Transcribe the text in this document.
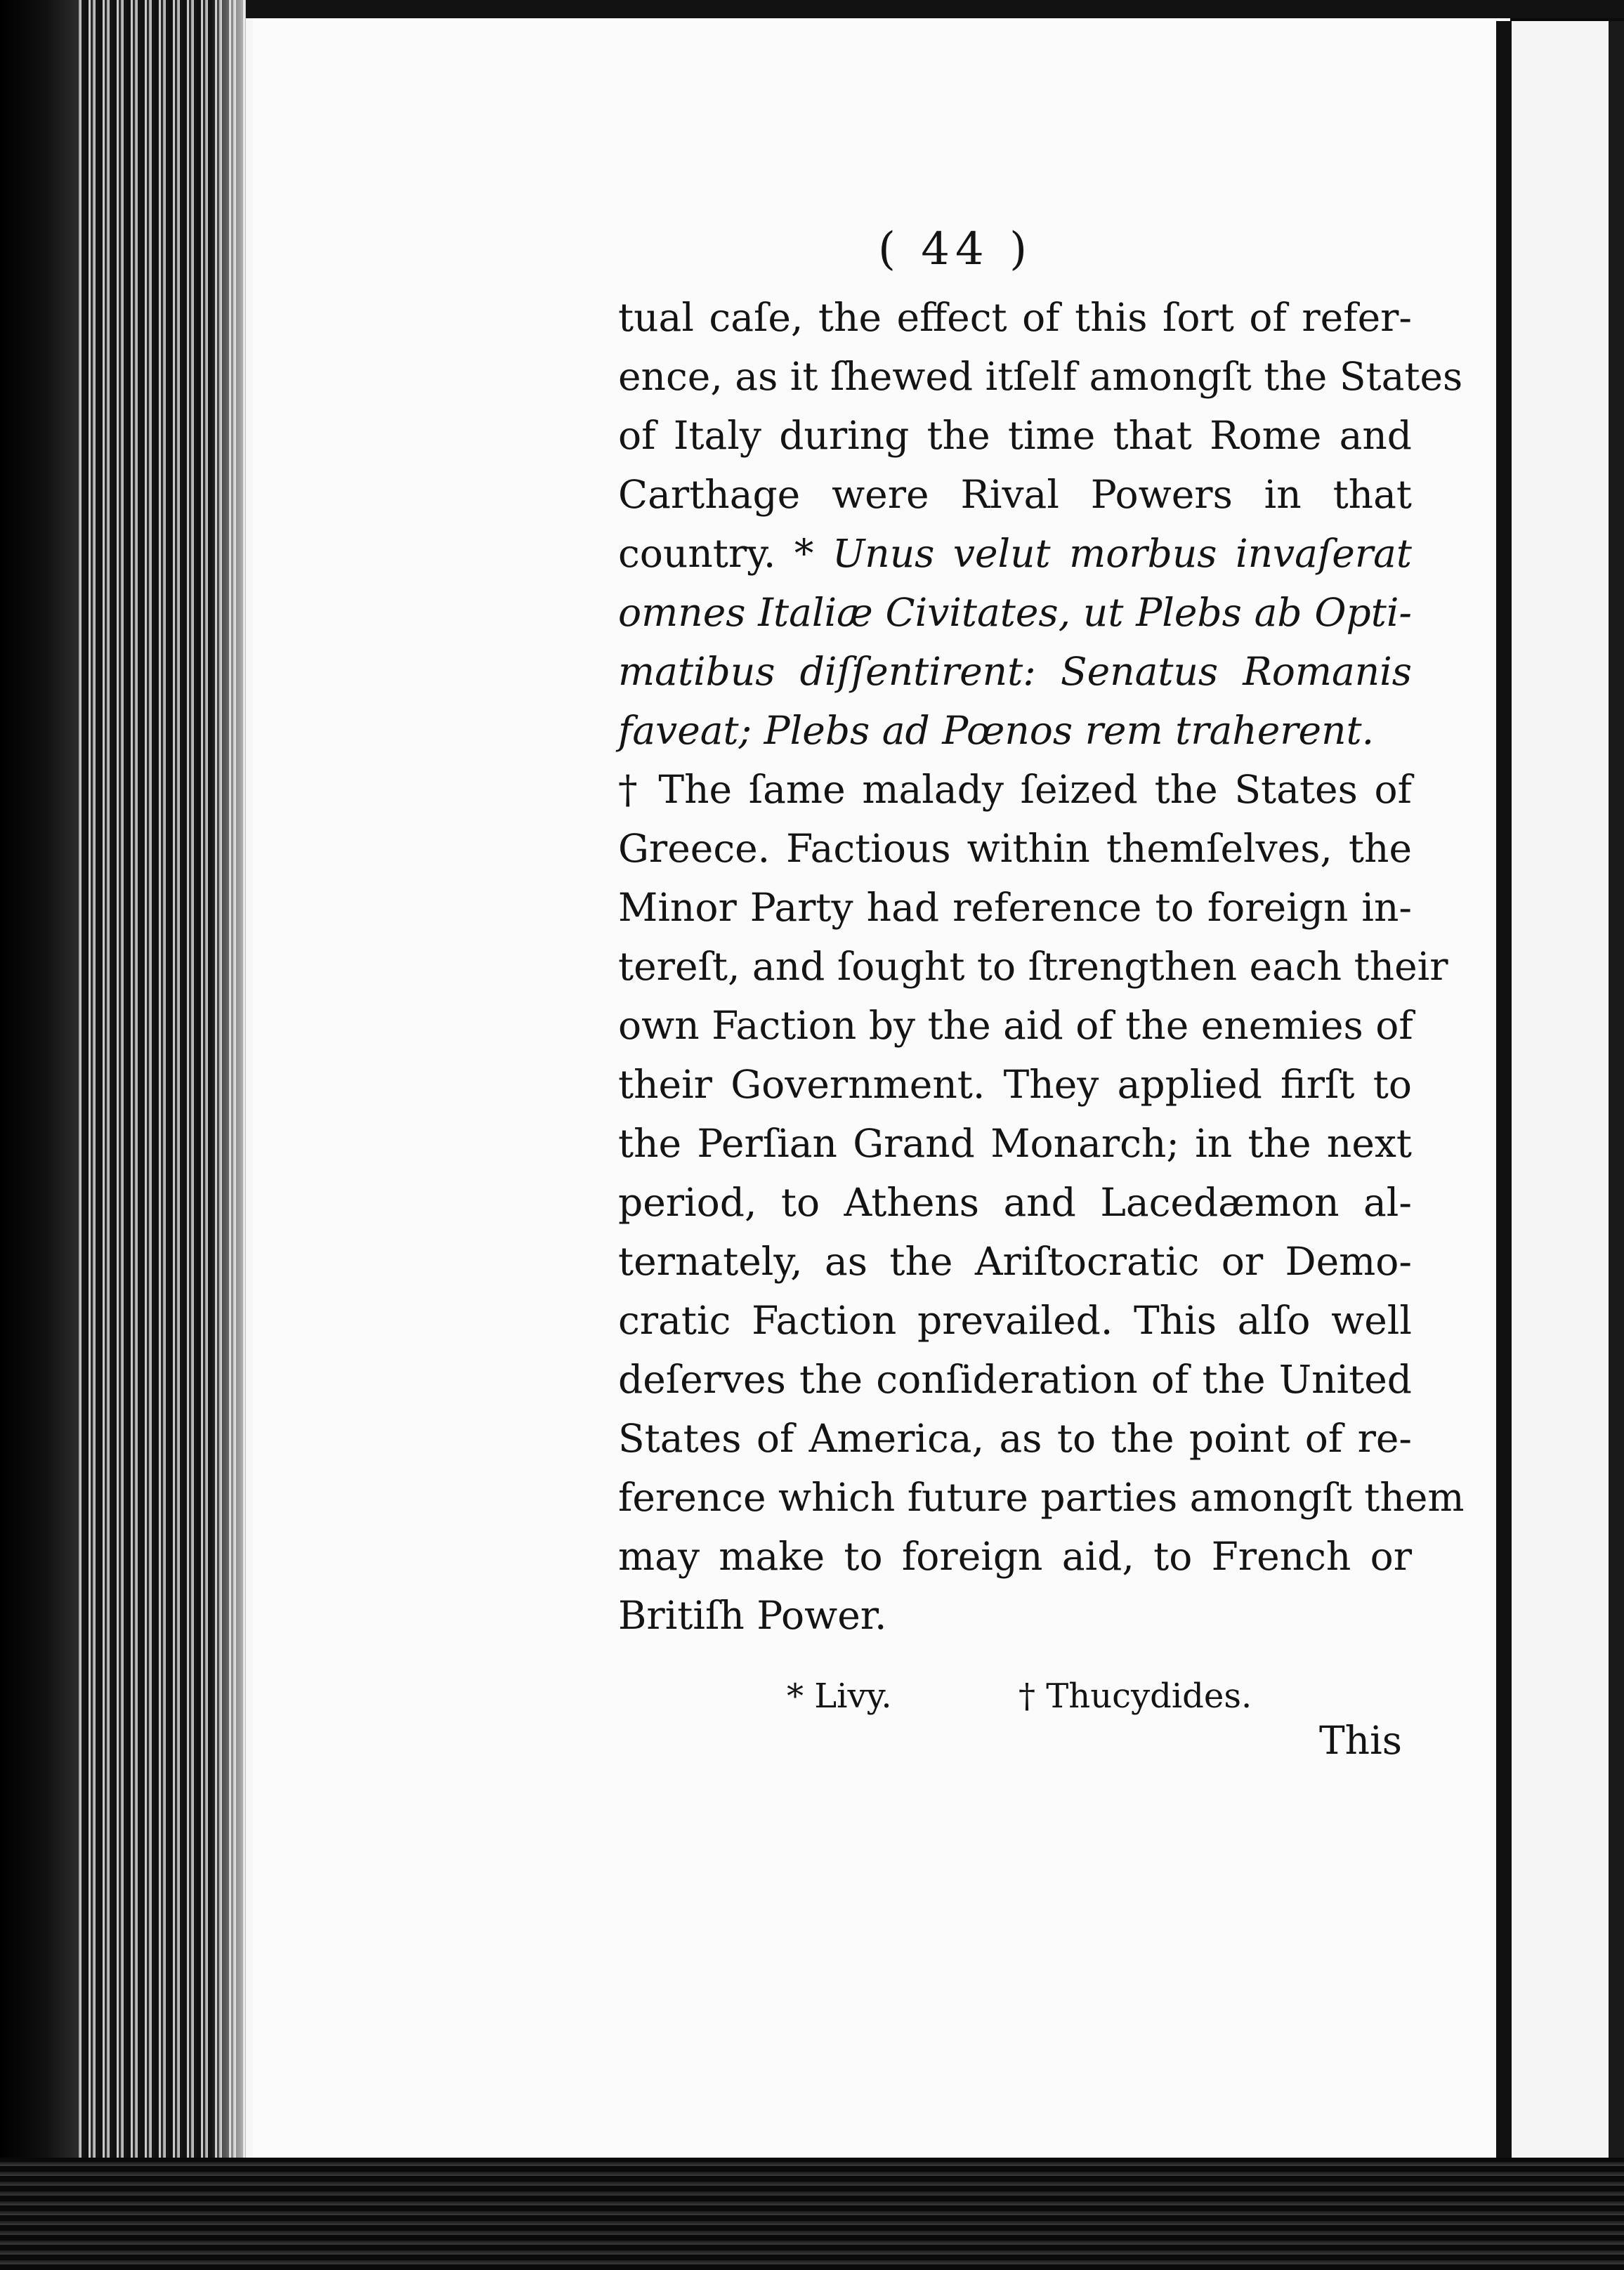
( 44 )
tual caſe, the effect of this ſort of refer-
ence, as it ſhewed itſelf amongſt the States
of Italy during the time that Rome and
Carthage were Rival Powers in that
country. * Unus velut morbus invaſerat
omnes Italiæ Civitates, ut Plebs ab Opti-
matibus diſſentirent: Senatus Romanis
faveat; Plebs ad Pœnos rem traherent.
† The ſame malady ſeized the States of
Greece. Factious within themſelves, the
Minor Party had reference to foreign in-
tereſt, and ſought to ſtrengthen each their
own Faction by the aid of the enemies of
their Government. They applied firſt to
the Perſian Grand Monarch; in the next
period, to Athens and Lacedæmon al-
ternately, as the Ariſtocratic or Demo-
cratic Faction prevailed. This alſo well
deſerves the conſideration of the United
States of America, as to the point of re-
ference which future parties amongſt them
may make to foreign aid, to French or
Britiſh Power.
* Livy.	† Thucydides.
This
